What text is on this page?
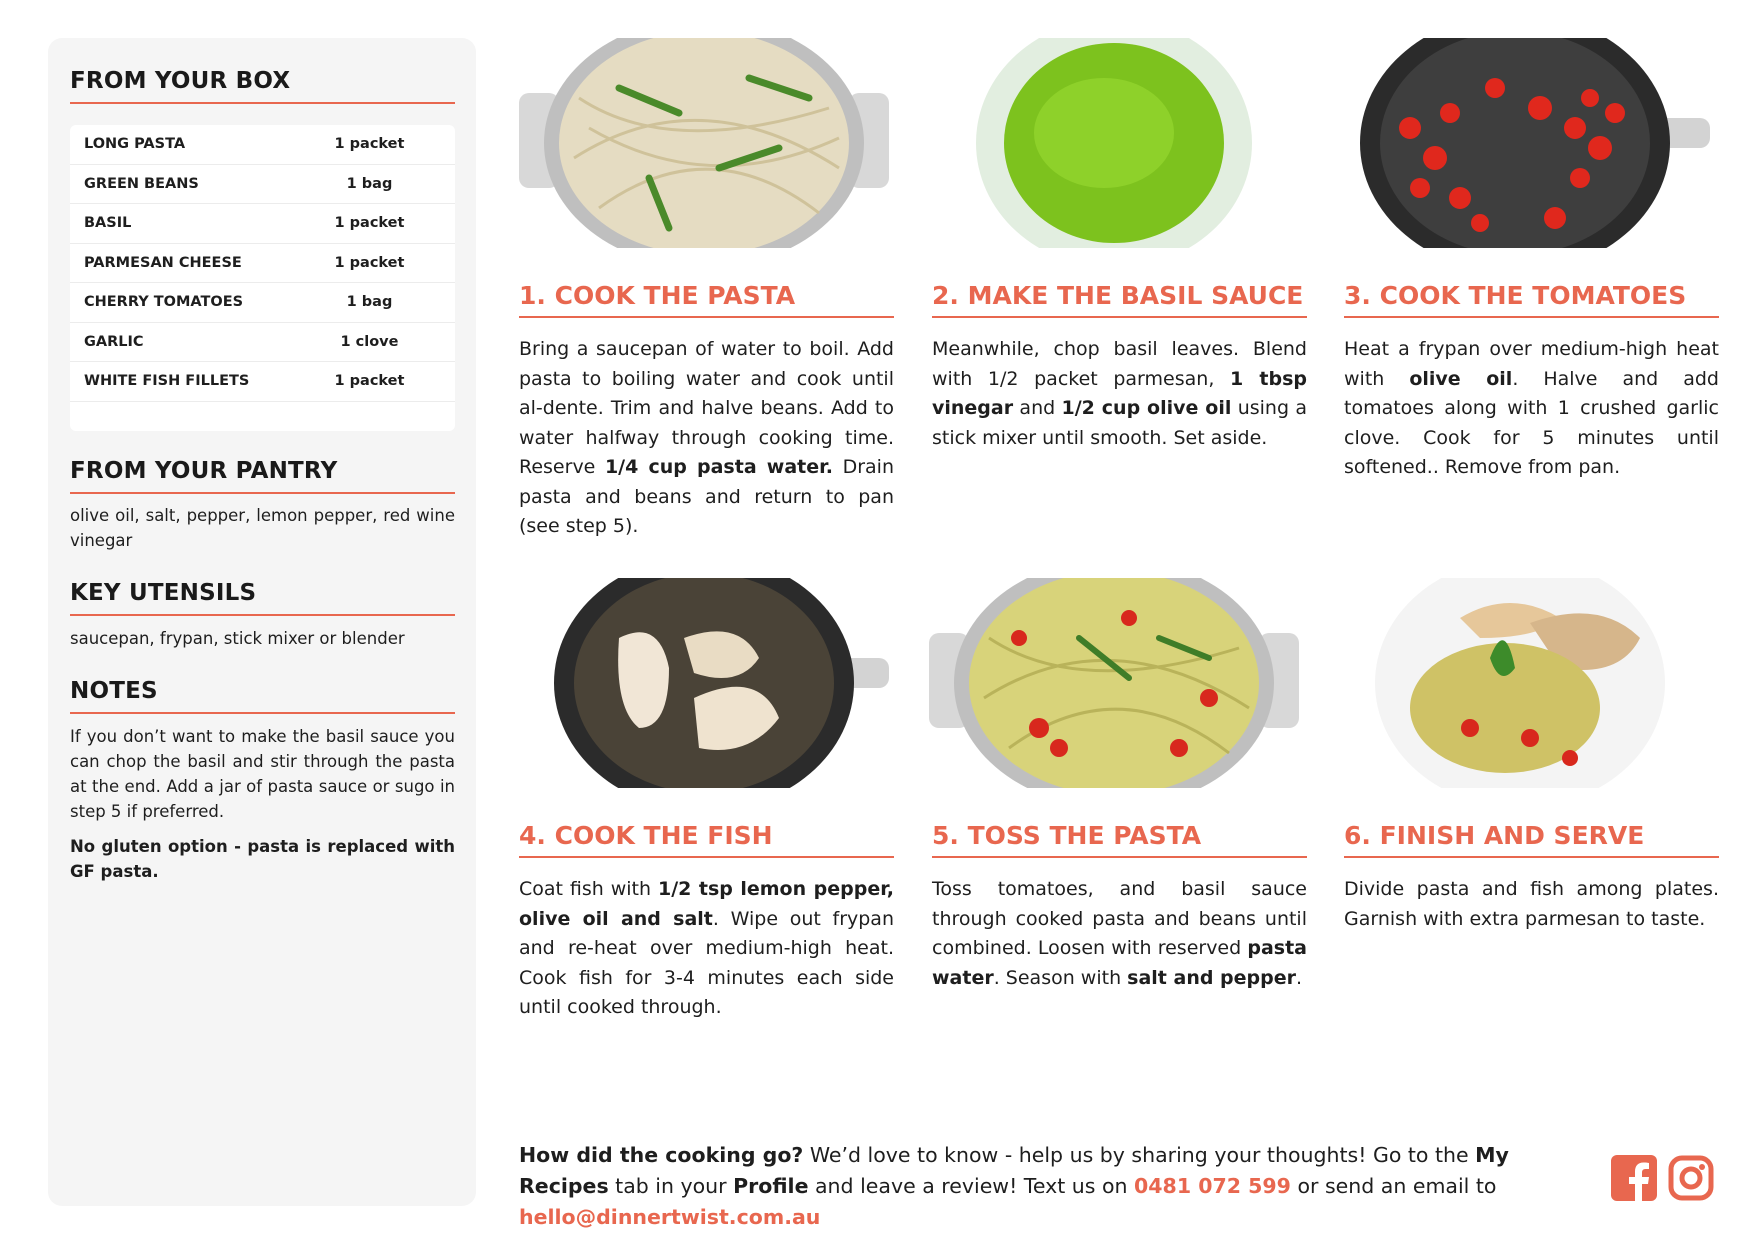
FROM YOUR BOX
LONG PASTA	1 packet
GREEN BEANS	1 bag
BASIL	1 packet
PARMESAN CHEESE	1 packet
CHERRY TOMATOES	1 bag
GARLIC	1 clove
WHITE FISH FILLETS	1 packet
FROM YOUR PANTRY
olive oil, salt, pepper, lemon pepper, red wine vinegar
KEY UTENSILS
saucepan, frypan, stick mixer or blender
NOTES
If you don’t want to make the basil sauce you can chop the basil and stir through the pasta at the end. Add a jar of pasta sauce or sugo in step 5 if preferred.
No gluten option - pasta is replaced with GF pasta.
1. COOK THE PASTA
Bring a saucepan of water to boil. Add pasta to boiling water and cook until al-dente. Trim and halve beans. Add to water halfway through cooking time. Reserve 1/4 cup pasta water. Drain pasta and beans and return to pan (see step 5).
2. MAKE THE BASIL SAUCE
Meanwhile, chop basil leaves. Blend with 1/2 packet parmesan, 1 tbsp vinegar and 1/2 cup olive oil using a stick mixer until smooth. Set aside.
3. COOK THE TOMATOES
Heat a frypan over medium-high heat with olive oil. Halve and add tomatoes along with 1 crushed garlic clove. Cook for 5 minutes until softened.. Remove from pan.
4. COOK THE FISH
Coat fish with 1/2 tsp lemon pepper, olive oil and salt. Wipe out frypan and re-heat over medium-high heat. Cook fish for 3-4 minutes each side until cooked through.
5. TOSS THE PASTA
Toss tomatoes, and basil sauce through cooked pasta and beans until combined. Loosen with reserved pasta water. Season with salt and pepper.
6. FINISH AND SERVE
Divide pasta and fish among plates. Garnish with extra parmesan to taste.
How did the cooking go? We’d love to know - help us by sharing your thoughts! Go to the My Recipes tab in your Profile and leave a review! Text us on 0481 072 599 or send an email to hello@dinnertwist.com.au
